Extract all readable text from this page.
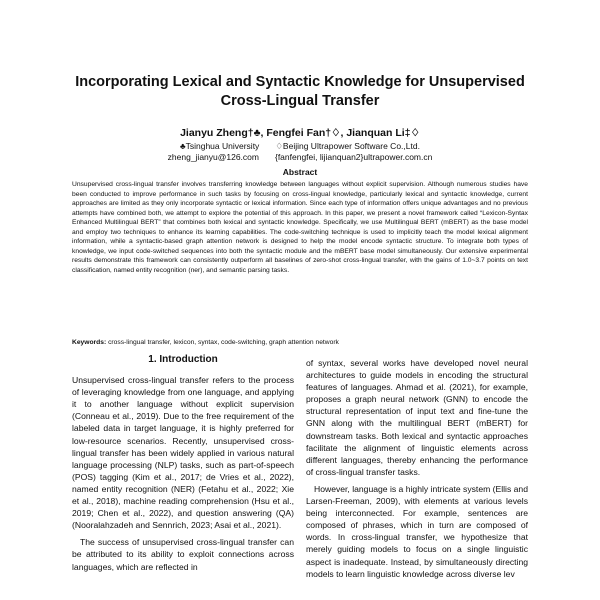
Incorporating Lexical and Syntactic Knowledge for Unsupervised
Cross-Lingual Transfer
Jianyu Zheng†♣, Fengfei Fan†♢, Jianquan Li‡♢
♣Tsinghua University ♢Beijing Ultrapower Software Co.,Ltd.
zheng_jianyu@126.com {fanfengfei, lijianquan2}ultrapower.com.cn
Abstract

Unsupervised cross-lingual transfer involves transferring knowledge between languages without explicit supervision. Although numerous studies have been conducted to improve performance in such tasks by focusing on cross-lingual knowledge, particularly lexical and syntactic knowledge, current approaches are limited as they only incorporate syntactic or lexical information. Since each type of information offers unique advantages and no previous attempts have combined both, we attempt to explore the potential of this approach. In this paper, we present a novel framework called “Lexicon-Syntax Enhanced Multilingual BERT” that combines both lexical and syntactic knowledge. Specifically, we use Multilingual BERT (mBERT) as the base model and employ two techniques to enhance its learning capabilities. The code-switching technique is used to implicitly teach the model lexical alignment information, while a syntactic-based graph attention network is designed to help the model encode syntactic structure. To integrate both types of knowledge, we input code-switched sequences into both the syntactic module and the mBERT base model simultaneously. Our extensive experimental results demonstrate this framework can consistently outperform all baselines of zero-shot cross-lingual transfer, with the gains of 1.0~3.7 points on text classification, named entity recognition (ner), and semantic parsing tasks.

Keywords: cross-lingual transfer, lexicon, syntax, code-switching, graph attention network

1. Introduction

Unsupervised cross-lingual transfer refers to the process of leveraging knowledge from one language, and applying it to another language without explicit supervision (Conneau et al., 2019). Due to the free requirement of the labeled data in target language, it is highly preferred for low-resource scenarios. Recently, unsupervised cross-lingual transfer has been widely applied in various natural language processing (NLP) tasks, such as part-of-speech (POS) tagging (Kim et al., 2017; de Vries et al., 2022), named entity recognition (NER) (Fetahu et al., 2022; Xie et al., 2018), machine reading comprehension (Hsu et al., 2019; Chen et al., 2022), and question answering (QA) (Nooralahzadeh and Sennrich, 2023; Asai et al., 2021).

The success of unsupervised cross-lingual transfer can be attributed to its ability to exploit connections across languages, which are reflected in

of syntax, several works have developed novel neural architectures to guide models in encoding the structural features of languages. Ahmad et al. (2021), for example, proposes a graph neural network (GNN) to encode the structural representation of input text and fine-tune the GNN along with the multilingual BERT (mBERT) for downstream tasks. Both lexical and syntactic approaches facilitate the alignment of linguistic elements across different languages, thereby enhancing the performance of cross-lingual transfer tasks.

However, language is a highly intricate system (Ellis and Larsen-Freeman, 2009), with elements at various levels being interconnected. For example, sentences are composed of phrases, which in turn are composed of words. In cross-lingual transfer, we hypothesize that merely guiding models to focus on a single linguistic aspect is inadequate. Instead, by simultaneously directing models to learn linguistic knowledge across diverse lev
